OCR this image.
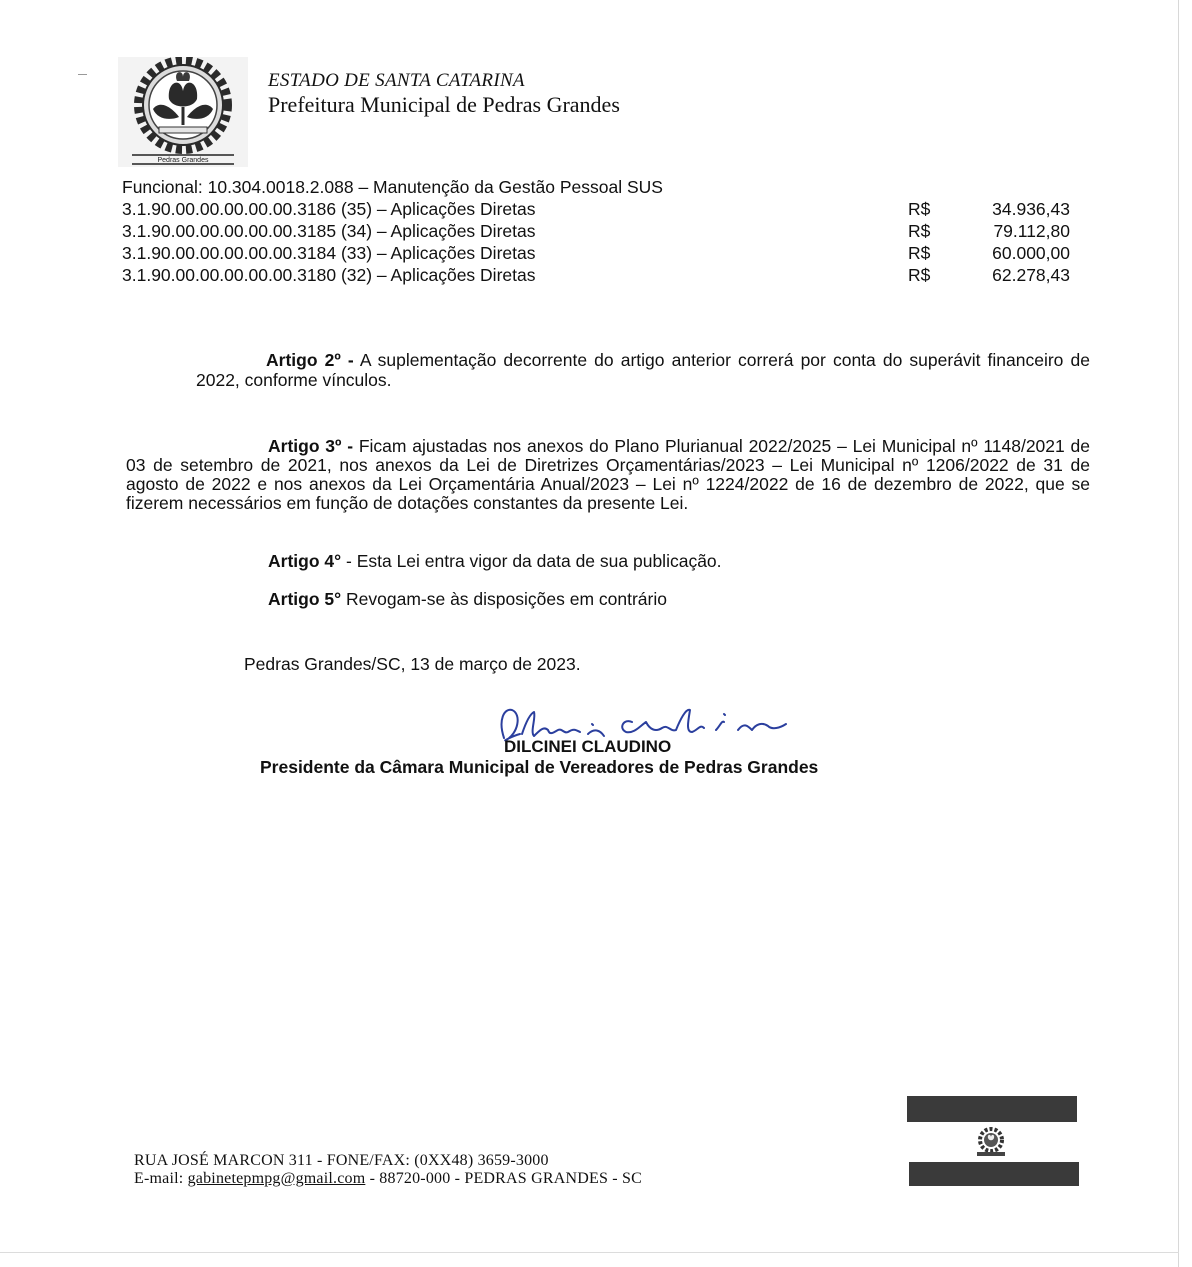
Pedras Grandes
ESTADO DE SANTA CATARINA
Prefeitura Municipal de Pedras Grandes
Funcional: 10.304.0018.2.088 – Manutenção da Gestão Pessoal SUS
3.1.90.00.00.00.00.00.3186 (35) – Aplicações Diretas	R$	34.936,43
3.1.90.00.00.00.00.00.3185 (34) – Aplicações Diretas	R$	79.112,80
3.1.90.00.00.00.00.00.3184 (33) – Aplicações Diretas	R$	60.000,00
3.1.90.00.00.00.00.00.3180 (32) – Aplicações Diretas	R$	62.278,43

Artigo 2º - A suplementação decorrente do artigo anterior correrá por conta do superávit financeiro de 2022, conforme vínculos.

Artigo 3º - Ficam ajustadas nos anexos do Plano Plurianual 2022/2025 – Lei Municipal nº 1148/2021 de 03 de setembro de 2021, nos anexos da Lei de Diretrizes Orçamentárias/2023 – Lei Municipal nº 1206/2022 de 31 de agosto de 2022 e nos anexos da Lei Orçamentária Anual/2023 – Lei nº 1224/2022 de 16 de dezembro de 2022, que se fizerem necessários em função de dotações constantes da presente Lei.

Artigo 4° - Esta Lei entra vigor da data de sua publicação.

Artigo 5° Revogam-se às disposições em contrário

Pedras Grandes/SC, 13 de março de 2023.
DILCINEI CLAUDINO
Presidente da Câmara Municipal de Vereadores de Pedras Grandes
RUA JOSÉ MARCON 311 - FONE/FAX: (0XX48) 3659-3000
E-mail: gabinetepmpg@gmail.com - 88720-000 - PEDRAS GRANDES - SC
